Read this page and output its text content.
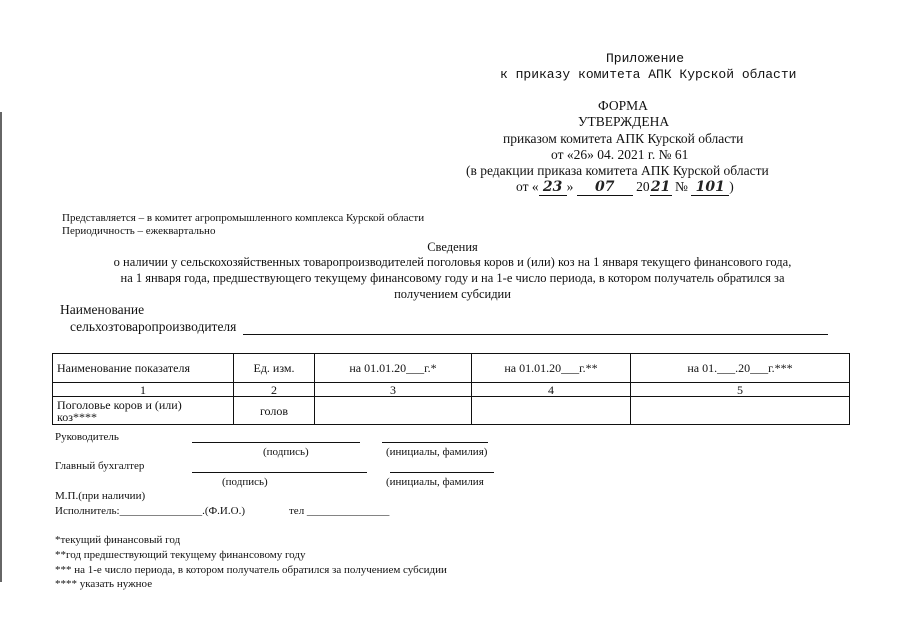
Приложение
к приказу комитета АПК Курской области
ФОРМА
УТВЕРЖДЕНА
приказом комитета АПК Курской области
от «26» 04. 2021 г. № 61
(в редакции приказа комитета АПК Курской области
от « 23 » 07 2021 № 101 )
Представляется – в комитет агропромышленного комплекса Курской области
Периодичность – ежеквартально
Сведения
о наличии у сельскохозяйственных товаропроизводителей поголовья коров и (или) коз на 1 января текущего финансового года,
на 1 января года, предшествующего текущему финансовому году и на 1-е число периода, в котором получатель обратился за
получением субсидии
Наименование
сельхозтоваропроизводителя
Наименование показателя	Ед. изм.	на 01.01.20___г.*	на 01.01.20___г.**	на 01.___.20___г.***
1	2	3	4	5

Поголовье коров и (или)
коз****	голов			
Руководитель
(подпись)	(инициалы, фамилия)
Главный бухгалтер
(подпись)	(инициалы, фамилия
М.П.(при наличии)
Исполнитель:_______________.(Ф.И.О.)	тел _______________
*текущий финансовый год
**год предшествующий текущему финансовому году
*** на 1-е число периода, в котором получатель обратился за получением субсидии
**** указать нужное
